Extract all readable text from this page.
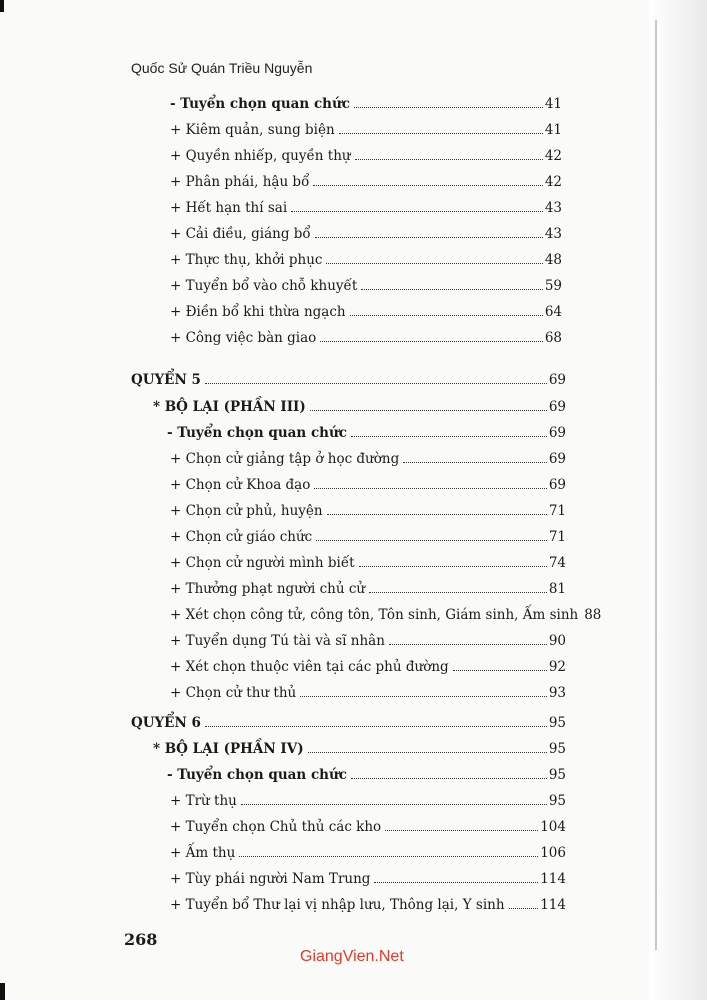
Quốc Sử Quán Triều Nguyễn
- Tuyển chọn quan chức	41
+ Kiêm quản, sung biện	41
+ Quyền nhiếp, quyền thự	42
+ Phân phái, hậu bổ	42
+ Hết hạn thí sai	43
+ Cải điều, giáng bổ	43
+ Thực thụ, khởi phục	48
+ Tuyển bổ vào chỗ khuyết	59
+ Điền bổ khi thừa ngạch	64
+ Công việc bàn giao	68
QUYỂN 5	69
* BỘ LẠI (PHẦN III)	69
- Tuyển chọn quan chức	69
+ Chọn cử giảng tập ở học đường	69
+ Chọn cử Khoa đạo	69
+ Chọn cử phủ, huyện	71
+ Chọn cử giáo chức	71
+ Chọn cử người mình biết	74
+ Thưởng phạt người chủ cử	81
+ Xét chọn công tử, công tôn, Tôn sinh, Giám sinh, Ấm sinh 88
+ Tuyển dụng Tú tài và sĩ nhân	90
+ Xét chọn thuộc viên tại các phủ đường	92
+ Chọn cử thư thủ	93
QUYỂN 6	95
* BỘ LẠI (PHẦN IV)	95
- Tuyển chọn quan chức	95
+ Trừ thụ	95
+ Tuyển chọn Chủ thủ các kho	104
+ Ấm thụ	106
+ Tùy phái người Nam Trung	114
+ Tuyển bổ Thư lại vị nhập lưu, Thông lại, Y sinh	114
268
GiangVien.Net
